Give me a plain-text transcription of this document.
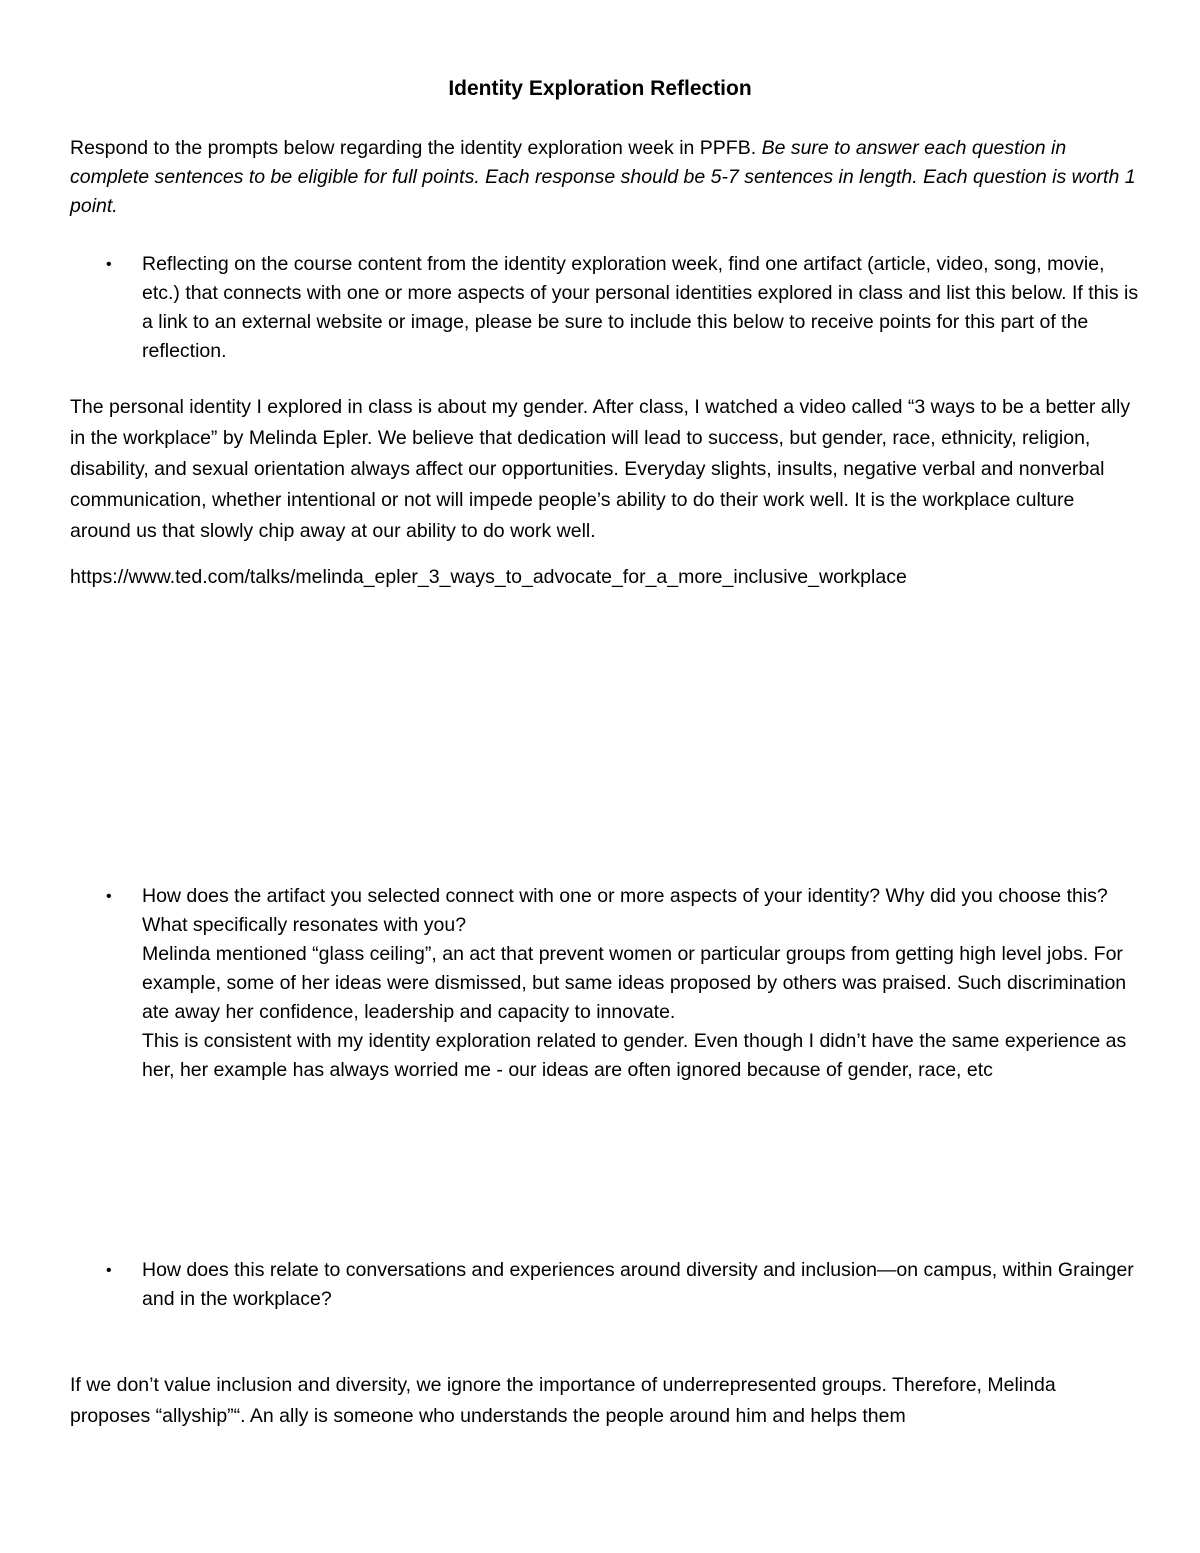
Identity Exploration Reflection
Respond to the prompts below regarding the identity exploration week in PPFB. Be sure to answer each question in complete sentences to be eligible for full points. Each response should be 5-7 sentences in length. Each question is worth 1 point.
• Reflecting on the course content from the identity exploration week, find one artifact (article, video, song, movie, etc.) that connects with one or more aspects of your personal identities explored in class and list this below. If this is a link to an external website or image, please be sure to include this below to receive points for this part of the reflection.
The personal identity I explored in class is about my gender. After class, I watched a video called “3 ways to be a better ally in the workplace” by Melinda Epler. We believe that dedication will lead to success, but gender, race, ethnicity, religion, disability, and sexual orientation always affect our opportunities. Everyday slights, insults, negative verbal and nonverbal communication, whether intentional or not will impede people’s ability to do their work well. It is the workplace culture around us that slowly chip away at our ability to do work well.
https://www.ted.com/talks/melinda_epler_3_ways_to_advocate_for_a_more_inclusive_workplace
• How does the artifact you selected connect with one or more aspects of your identity? Why did you choose this? What specifically resonates with you?
Melinda mentioned “glass ceiling”, an act that prevent women or particular groups from getting high level jobs. For example, some of her ideas were dismissed, but same ideas proposed by others was praised. Such discrimination ate away her confidence, leadership and capacity to innovate.
This is consistent with my identity exploration related to gender. Even though I didn’t have the same experience as her, her example has always worried me - our ideas are often ignored because of gender, race, etc
• How does this relate to conversations and experiences around diversity and inclusion—on campus, within Grainger and in the workplace?
If we don’t value inclusion and diversity, we ignore the importance of underrepresented groups. Therefore, Melinda proposes “allyship”“. An ally is someone who understands the people around him and helps them
